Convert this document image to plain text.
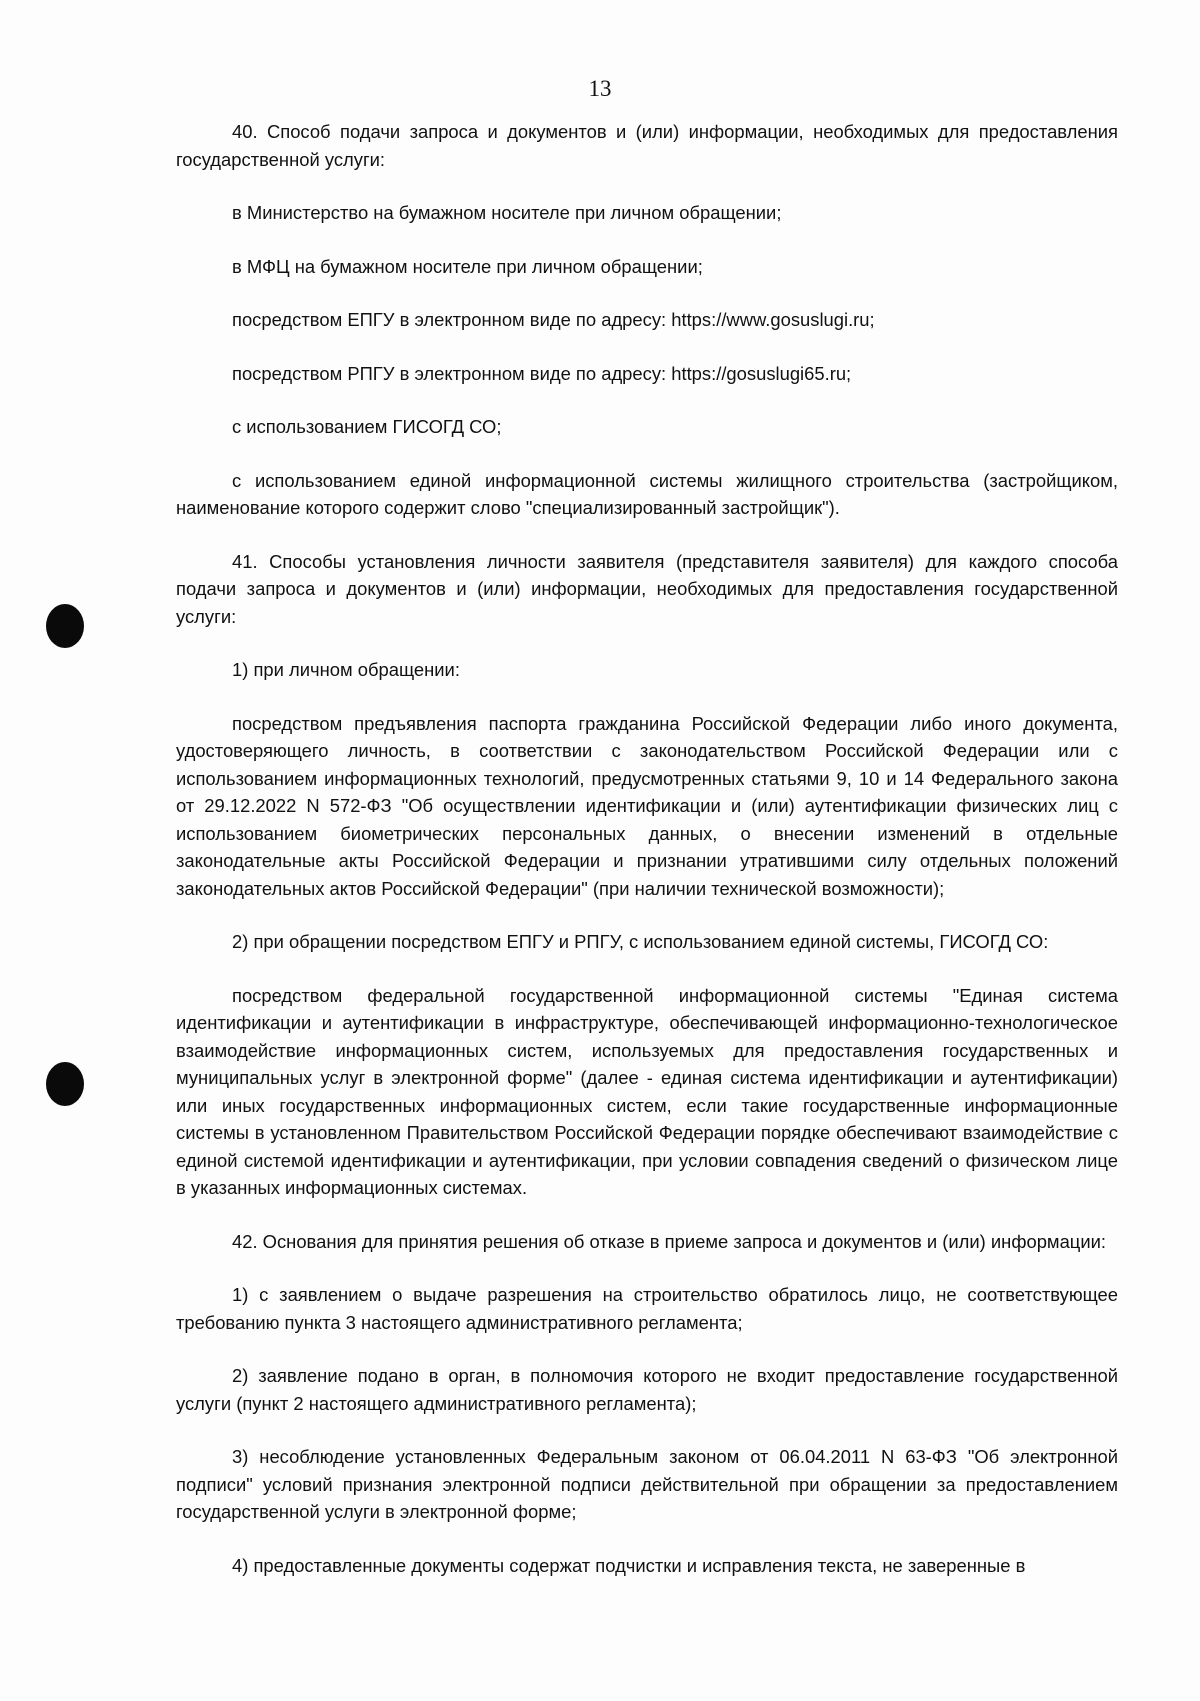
13

40. Способ подачи запроса и документов и (или) информации, необходимых для предоставления государственной услуги:

в Министерство на бумажном носителе при личном обращении;

в МФЦ на бумажном носителе при личном обращении;

посредством ЕПГУ в электронном виде по адресу: https://www.gosuslugi.ru;

посредством РПГУ в электронном виде по адресу: https://gosuslugi65.ru;

с использованием ГИСОГД СО;

с использованием единой информационной системы жилищного строительства (застройщиком, наименование которого содержит слово "специализированный застройщик").

41. Способы установления личности заявителя (представителя заявителя) для каждого способа подачи запроса и документов и (или) информации, необходимых для предоставления государственной услуги:

1) при личном обращении:

посредством предъявления паспорта гражданина Российской Федерации либо иного документа, удостоверяющего личность, в соответствии с законодательством Российской Федерации или с использованием информационных технологий, предусмотренных статьями 9, 10 и 14 Федерального закона от 29.12.2022 N 572-ФЗ "Об осуществлении идентификации и (или) аутентификации физических лиц с использованием биометрических персональных данных, о внесении изменений в отдельные законодательные акты Российской Федерации и признании утратившими силу отдельных положений законодательных актов Российской Федерации" (при наличии технической возможности);

2) при обращении посредством ЕПГУ и РПГУ, с использованием единой системы, ГИСОГД СО:

посредством федеральной государственной информационной системы "Единая система идентификации и аутентификации в инфраструктуре, обеспечивающей информационно-технологическое взаимодействие информационных систем, используемых для предоставления государственных и муниципальных услуг в электронной форме" (далее - единая система идентификации и аутентификации) или иных государственных информационных систем, если такие государственные информационные системы в установленном Правительством Российской Федерации порядке обеспечивают взаимодействие с единой системой идентификации и аутентификации, при условии совпадения сведений о физическом лице в указанных информационных системах.

42. Основания для принятия решения об отказе в приеме запроса и документов и (или) информации:

1) с заявлением о выдаче разрешения на строительство обратилось лицо, не соответствующее требованию пункта 3 настоящего административного регламента;

2) заявление подано в орган, в полномочия которого не входит предоставление государственной услуги (пункт 2 настоящего административного регламента);

3) несоблюдение установленных Федеральным законом от 06.04.2011 N 63-ФЗ "Об электронной подписи" условий признания электронной подписи действительной при обращении за предоставлением государственной услуги в электронной форме;

4) предоставленные документы содержат подчистки и исправления текста, не заверенные в
